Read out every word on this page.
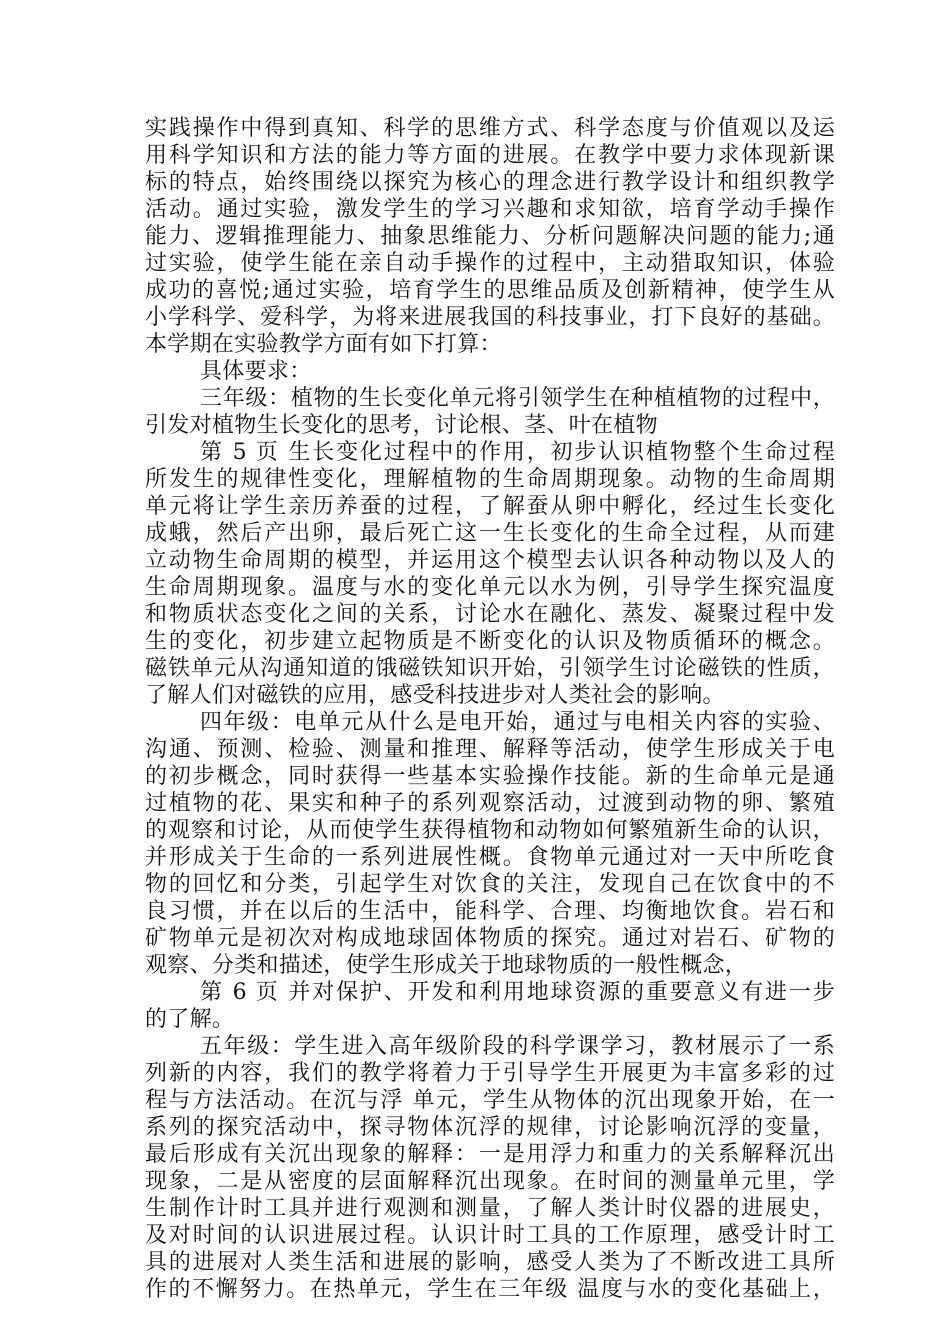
实践操作中得到真知、科学的思维方式、科学态度与价值观以及运
用科学知识和方法的能力等方面的进展。在教学中要力求体现新课
标的特点，始终围绕以探究为核心的理念进行教学设计和组织教学
活动。通过实验，激发学生的学习兴趣和求知欲，培育学动手操作
能力、逻辑推理能力、抽象思维能力、分析问题解决问题的能力;通
过实验，使学生能在亲自动手操作的过程中，主动猎取知识，体验
成功的喜悦;通过实验，培育学生的思维品质及创新精神，使学生从
小学科学、爱科学，为将来进展我国的科技事业，打下良好的基础。
本学期在实验教学方面有如下打算：
具体要求：
三年级：植物的生长变化单元将引领学生在种植植物的过程中，
引发对植物生长变化的思考，讨论根、茎、叶在植物
第 5 页 生长变化过程中的作用，初步认识植物整个生命过程
所发生的规律性变化，理解植物的生命周期现象。动物的生命周期
单元将让学生亲历养蚕的过程，了解蚕从卵中孵化，经过生长变化
成蛾，然后产出卵，最后死亡这一生长变化的生命全过程，从而建
立动物生命周期的模型，并运用这个模型去认识各种动物以及人的
生命周期现象。温度与水的变化单元以水为例，引导学生探究温度
和物质状态变化之间的关系，讨论水在融化、蒸发、凝聚过程中发
生的变化，初步建立起物质是不断变化的认识及物质循环的概念。
磁铁单元从沟通知道的饿磁铁知识开始，引领学生讨论磁铁的性质，
了解人们对磁铁的应用，感受科技进步对人类社会的影响。
四年级：电单元从什么是电开始，通过与电相关内容的实验、
沟通、预测、检验、测量和推理、解释等活动，使学生形成关于电
的初步概念，同时获得一些基本实验操作技能。新的生命单元是通
过植物的花、果实和种子的系列观察活动，过渡到动物的卵、繁殖
的观察和讨论，从而使学生获得植物和动物如何繁殖新生命的认识，
并形成关于生命的一系列进展性概。食物单元通过对一天中所吃食
物的回忆和分类，引起学生对饮食的关注，发现自己在饮食中的不
良习惯，并在以后的生活中，能科学、合理、均衡地饮食。岩石和
矿物单元是初次对构成地球固体物质的探究。通过对岩石、矿物的
观察、分类和描述，使学生形成关于地球物质的一般性概念，
第 6 页 并对保护、开发和利用地球资源的重要意义有进一步
的了解。
五年级：学生进入高年级阶段的科学课学习，教材展示了一系
列新的内容，我们的教学将着力于引导学生开展更为丰富多彩的过
程与方法活动。在沉与浮 单元，学生从物体的沉出现象开始，在一
系列的探究活动中，探寻物体沉浮的规律，讨论影响沉浮的变量，
最后形成有关沉出现象的解释：一是用浮力和重力的关系解释沉出
现象，二是从密度的层面解释沉出现象。在时间的测量单元里，学
生制作计时工具并进行观测和测量，了解人类计时仪器的进展史，
及对时间的认识进展过程。认识计时工具的工作原理，感受计时工
具的进展对人类生活和进展的影响，感受人类为了不断改进工具所
作的不懈努力。在热单元，学生在三年级 温度与水的变化基础上，
